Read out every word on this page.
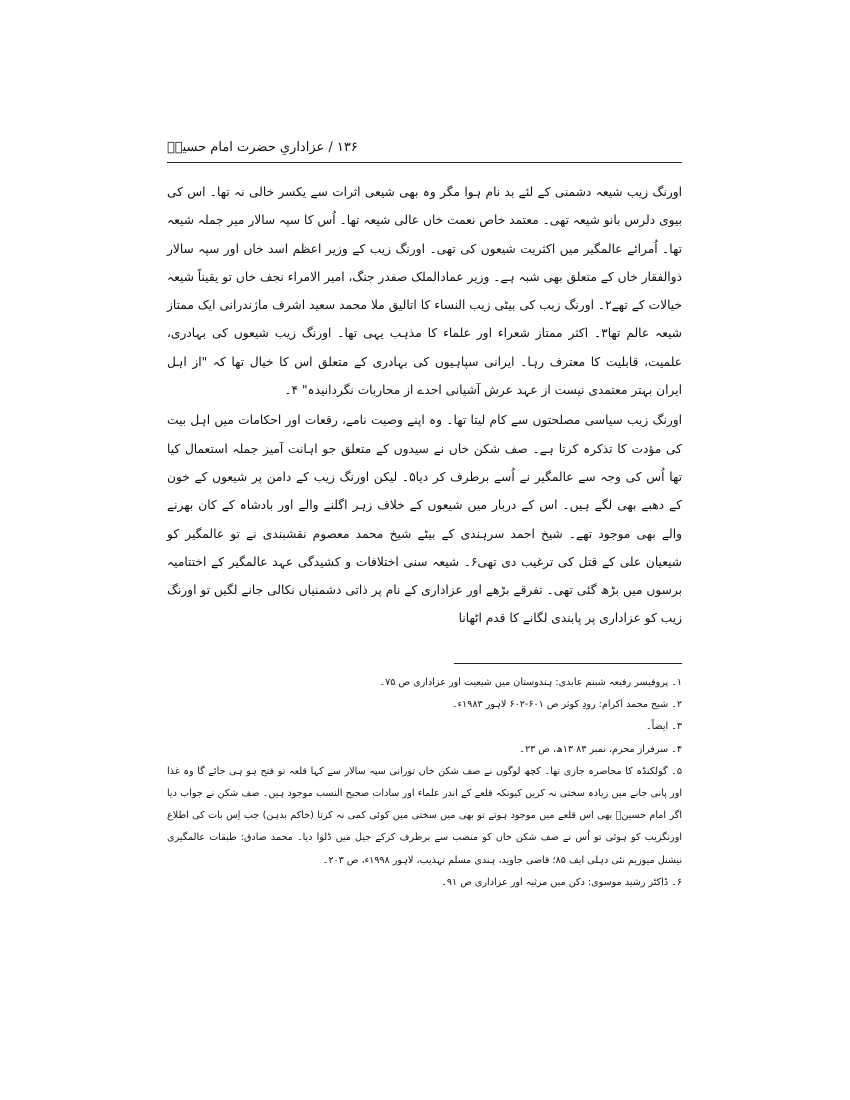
۱۳۶ / عزاداریِ حضرت امام حسینؑ

اورنگ زیب شیعہ دشمنی کے لئے بد نام ہوا مگر وہ بھی شیعی اثرات سے یکسر خالی نہ تھا۔ اس کی بیوی دلرس بانو شیعہ تھی۔ معتمد خاص نعمت خاں عالی شیعہ تھا۔ اُس کا سپہ سالار میر جملہ شیعہ تھا۔ اُمرائے عالمگیر میں اکثریت شیعوں کی تھی۔ اورنگ زیب کے وزیر اعظم اسد خاں اور سپہ سالار ذوالفقار خاں کے متعلق بھی شبہ ہے۔ وزیر عمادالملک صفدر جنگ، امیر الامراء نجف خاں تو یقیناً شیعہ خیالات کے تھے۲۔ اورنگ زیب کی بیٹی زیب النساء کا اتالیق ملا محمد سعید اشرف ماژندرانی ایک ممتاز شیعہ عالم تھا۳۔ اکثر ممتاز شعراء اور علماء کا مذہب یہی تھا۔ اورنگ زیب شیعوں کی بہادری، علمیت، قابلیت کا معترف رہا۔ ایرانی سپاہیوں کی بہادری کے متعلق اس کا خیال تھا کہ "از اہل ایران بہتر معتمدی نیست از عہد عرش آشیانی احدے از محاربات نگردانیدہ" ۴۔

اورنگ زیب سیاسی مصلحتوں سے کام لیتا تھا۔ وہ اپنے وصیت نامے، رقعات اور احکامات میں اہل بیت کی مؤدت کا تذکرہ کرتا ہے۔ صف شکن خاں نے سیدوں کے متعلق جو اہانت آمیز جملہ استعمال کیا تھا اُس کی وجہ سے عالمگیر نے اُسے برطرف کر دیا۵۔ لیکن اورنگ زیب کے دامن پر شیعوں کے خون کے دھبے بھی لگے ہیں۔ اس کے دربار میں شیعوں کے خلاف زہر اگلنے والے اور بادشاہ کے کان بھرنے والے بھی موجود تھے۔ شیخ احمد سرہندی کے بیٹے شیخ محمد معصوم نقشبندی نے تو عالمگیر کو شیعیان علی کے قتل کی ترغیب دی تھی۶۔ شیعہ سنی اختلافات و کشیدگی عہد عالمگیر کے اختتامیہ برسوں میں بڑھ گئی تھی۔ تفرقے بڑھے اور عزاداری کے نام پر ذاتی دشمنیاں نکالی جانے لگیں تو اورنگ زیب کو عزاداری پر پابندی لگانے کا قدم اٹھانا

۱۔ پروفیسر رفیعہ شبنم عابدی: ہندوستان میں شیعیت اور عزاداری ص ۷۵۔

۲۔ شیخ محمد اکرام: رودِ کوثر ص ۶۰۱-۶۰۲ لاہور ۱۹۸۳ء۔

۳۔ ایضاً۔

۴۔ سرفراز محرم، نمبر ۸۳ ۱۳ھ، ص ۲۳۔

۵۔ گولکنڈہ کا محاصرہ جاری تھا۔ کچھ لوگوں نے صف شکن خاں تورانی سپہ سالار سے کہا قلعہ تو فتح ہو ہی جائے گا وہ غذا اور پانی جانے میں زیادہ سختی نہ کریں کیونکہ قلعے کے اندر علماء اور سادات صحیح النسب موجود ہیں۔ صف شکن نے جواب دیا اگر امام حسینؑ بھی اس قلعے میں موجود ہوتے تو بھی میں سختی میں کوئی کمی نہ کرتا (خاکم بدہن) جب اِس بات کی اطلاع اورنگزیب کو ہوئی تو اُس نے صف شکن خاں کو منصب سے برطرف کرکے جیل میں ڈلوا دیا۔ محمد صادق: طبقات عالمگیری نیشنل میوزیم نئی دہلی ایف ۸۵؛ قاضی جاوید، ہندی مسلم تہذیب، لاہور ۱۹۹۸ء، ص ۲۰۳۔

۶۔ ڈاکٹر رشید موسوی: دکن میں مرثیہ اور عزاداری ص ۹۱۔
